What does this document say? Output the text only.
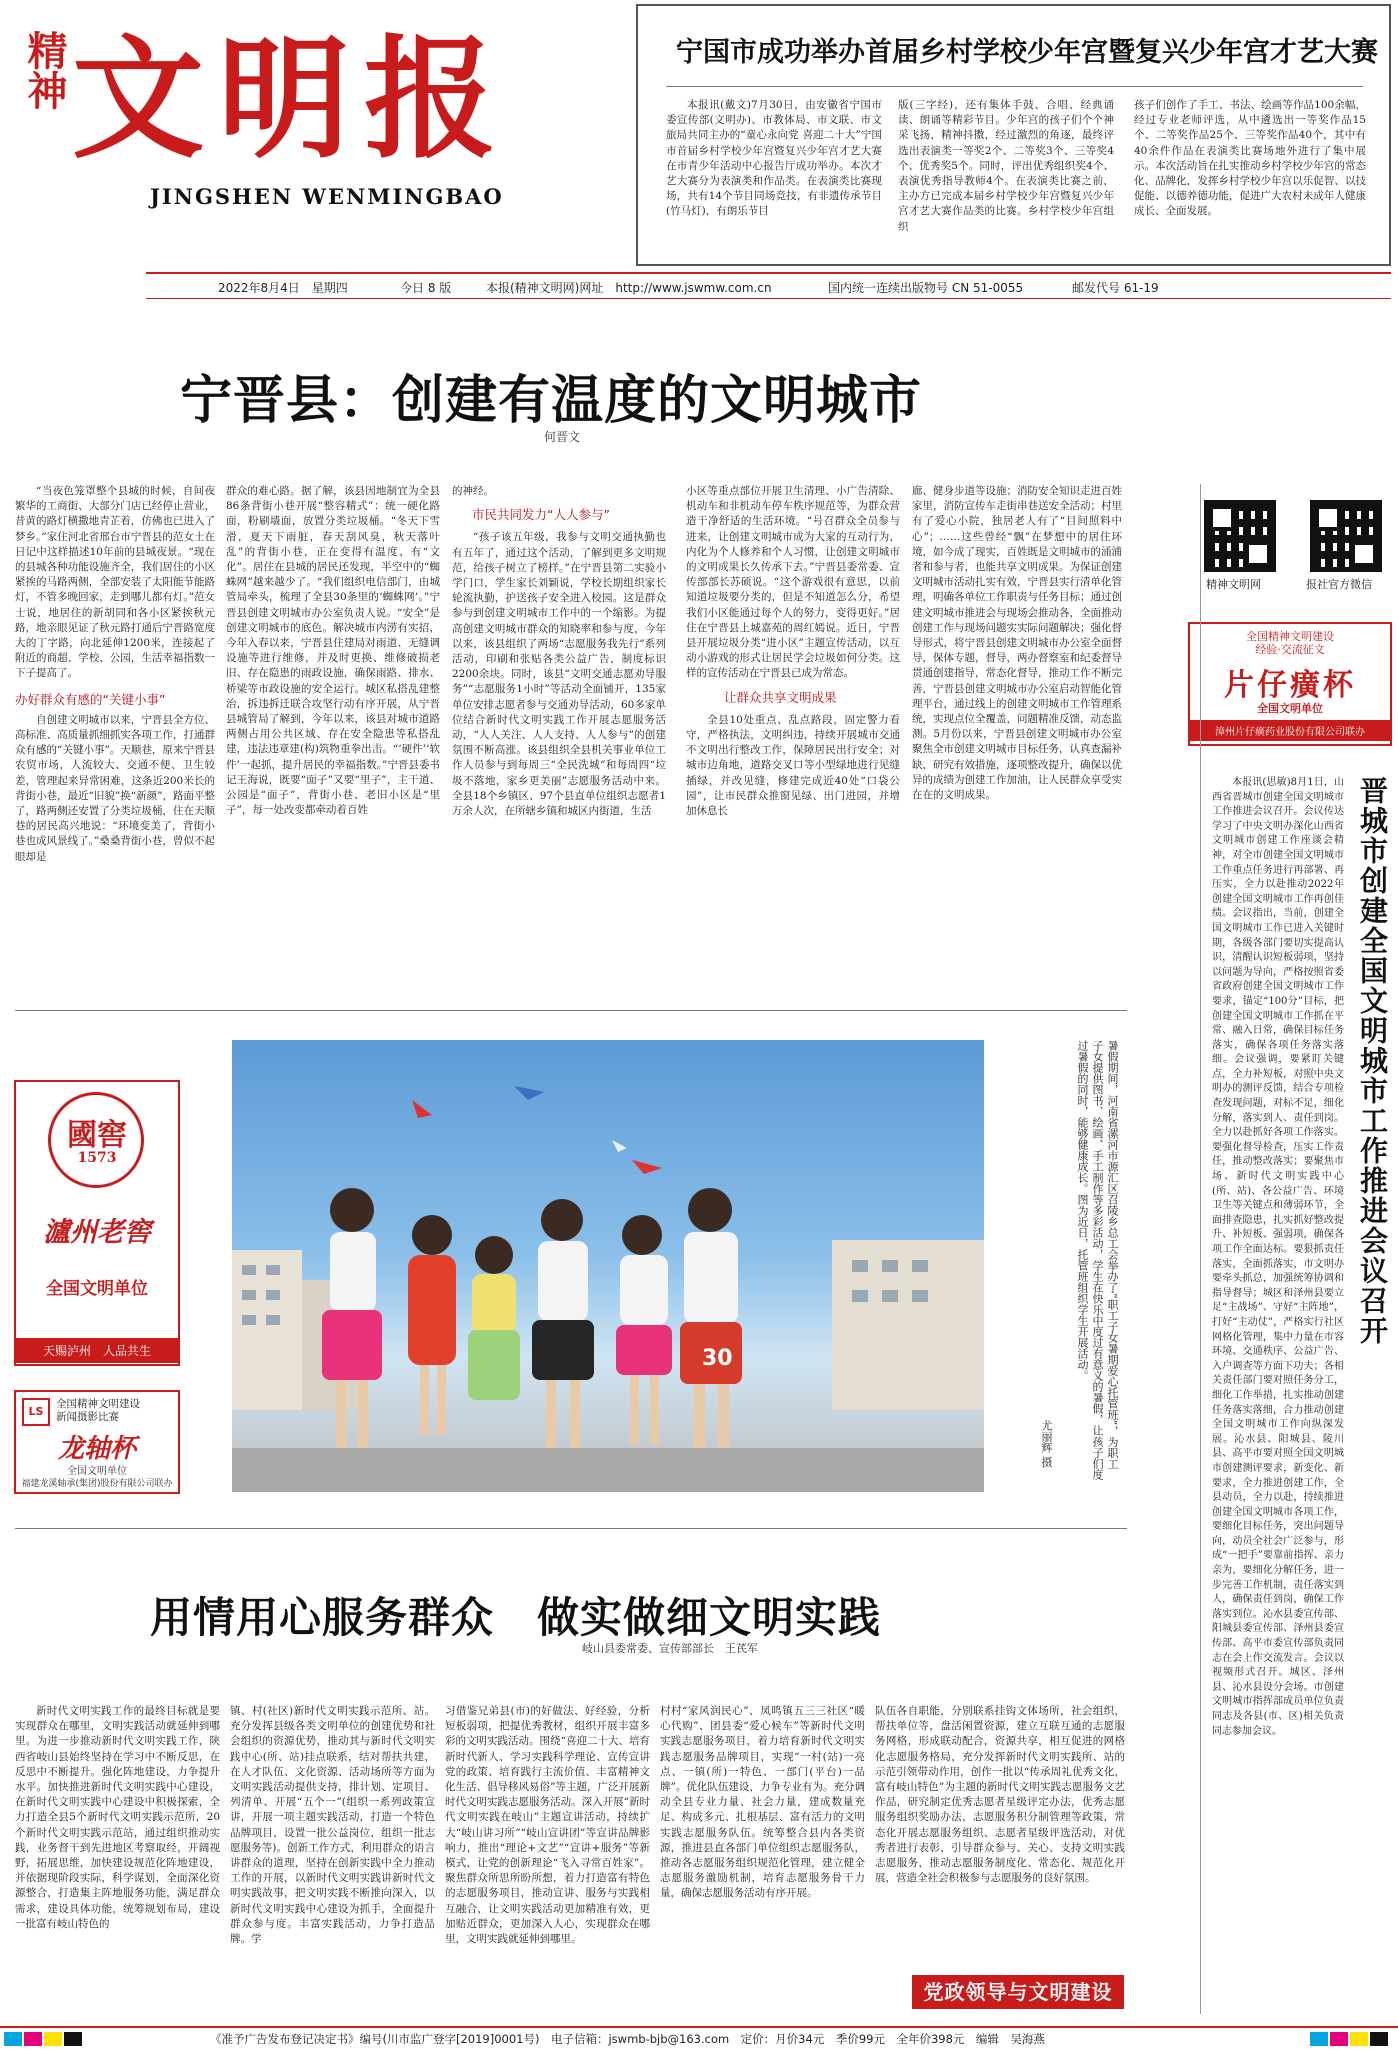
精神 文明报
JINGSHEN WENMINGBAO
宁国市成功举办首届乡村学校少年宫暨复兴少年宫才艺大赛

本报讯(戴文)7月30日，由安徽省宁国市委宣传部(文明办)、市教体局、市文联、市文旅局共同主办的“童心永向党 喜迎二十大”宁国市首届乡村学校少年宫暨复兴少年宫才艺大赛在市青少年活动中心报告厅成功举办。本次才艺大赛分为表演类和作品类。在表演类比赛现场，共有14个节目同场竞技，有非遗传承节目(竹马灯)，有朗乐节目

版(三字经)，还有集体手鼓、合唱、经典诵读、朗诵等精彩节目。少年宫的孩子们个个神采飞扬，精神抖擞，经过激烈的角逐，最终评选出表演类一等奖2个、二等奖3个、三等奖4个、优秀奖5个。同时，评出优秀组织奖4个、表演优秀指导教师4个。在表演类比赛之前，主办方已完成本届乡村学校少年宫暨复兴少年宫才艺大赛作品类的比赛。乡村学校少年宫组织

孩子们创作了手工、书法、绘画等作品100余幅，经过专业老师评选，从中遴选出一等奖作品15个、二等奖作品25个、三等奖作品40个，其中有40余件作品在表演类比赛场地外进行了集中展示。本次活动旨在扎实推动乡村学校少年宫的常态化、品牌化，发挥乡村学校少年宫以乐促智、以技促能、以德养德功能，促进广大农村未成年人健康成长、全面发展。

2022年8月4日　星期四	今日 8 版	本报(精神文明网)网址　http://www.jswmw.com.cn	国内统一连续出版物号 CN 51-0055	邮发代号 61-19
宁晋县：创建有温度的文明城市
何晋文

“当夜色笼罩整个县城的时候，自间夜繁华的工商街、大部分门店已经停止营业，昔黄的路灯横撒地青芷着，仿佛也已进入了梦乡。”家住河北省邢台市宁晋县的范女士在日记中这样描述10年前的县城夜景。“现在的县城各种功能设施齐全，我们居住的小区紧挨的马路两侧，全部安装了太阳能节能路灯，不管多晚回家，走到哪儿都有灯。”范女士说，地居住的新胡同和各小区紧挨秋元路，地亲眼见证了秋元路打通后宁晋路宽度大的丁字路，向北延伸1200米，连接起了附近的商超、学校、公园，生活幸福指数一下子提高了。

办好群众有感的“关键小事”

自创建文明城市以来，宁晋县全方位、高标准、高质量抓细抓实各项工作，打通群众有感的“关键小事”。天顺巷，原来宁晋县农贸市场，人流较大、交通不便、卫生较差，管理起来异常困难，这条近200米长的背街小巷，最近“旧貌”换“新颜”，路面平整了，路两侧还安置了分类垃圾桶，住在天顺巷的居民高兴地说：“环境变美了，背街小巷也成风景线了。”桑桑背街小巷，曾似不起眼却是

群众的难心路。据了解，该县因地制宜为全县86条背街小巷开展“整容精式”：统一硬化路面，粉刷墙面，放置分类垃圾桶。“冬天下雪滑，夏天下雨脏，春天刮风臭，秋天落叶乱”的背街小巷，正在变得有温度、有“文化”。居住在县城的居民还发现，半空中的“蜘蛛网”越来越少了。“我们组织电信部门，由城管局牵头，梳理了全县30条里的‘蜘蛛网’。”宁晋县创建文明城市办公室负责人说。“安全”是创建文明城市的底色。解决城市内涝有实招，今年入春以来，宁晋县住建局对雨道、无缝调设施等进行维修，并及时更换、维修破损老旧、存在隐患的雨政设施，确保雨路、排水、桥梁等市政设施的安全运行。城区私搭乱建整治，拆违拆迁联合攻坚行动有序开展，从宁晋县城管局了解到，今年以来，该县对城市道路两侧占用公共区域、存在安全隐患等私搭乱建，违法违章建(构)筑物重拳出击。“‘硬件’‘软件’一起抓，提升居民的幸福指数。”宁晋县委书记王海说，既要“面子”又要“里子”，主干道、公园是“面子”，背街小巷、老旧小区是“里子”，每一处改变都牵动着百姓

的神经。

市民共同发力“人人参与”

“孩子该五年级，我参与文明交通执勤也有五年了，通过这个活动，了解到更多文明规范，给孩子树立了榜样。”在宁晋县第二实验小学门口，学生家长刘颖说，学校长期组织家长轮流执勤，护送孩子安全进入校园。这是群众参与到创建文明城市工作中的一个缩影。为提高创建文明城市群众的知晓率和参与度，今年以来，该县组织了两场“志愿服务我先行”系列活动，印刷和张贴各类公益广告，制度标识2200余块。同时，该县“文明交通志愿劝导服务”“志愿服务1小时”等活动全面铺开，135家单位安排志愿者参与交通劝导活动，60多家单位结合新时代文明实践工作开展志愿服务活动，“人人关注、人人支持、人人参与”的创建氛围不断高涨。该县组织全县机关事业单位工作人员参与到每周三“全民洗城”和每周四“垃圾不落地，家乡更美丽”志愿服务活动中来。全县18个乡镇区、97个县直单位组织志愿者1万余人次，在所辖乡镇和城区内街道，生活

小区等重点部位开展卫生清理、小广告清除、机动车和非机动车停车秩序规范等，为群众营造干净舒适的生活环境。“号召群众全员参与进来，让创建文明城市成为大家的互动行为，内化为个人修养和个人习惯，让创建文明城市的文明成果长久传承下去。”宁晋县委常委、宣传部部长苏硕说。“这个游戏很有意思，以前知道垃圾要分类的，但是不知道怎么分，希望我们小区能通过每个人的努力，变得更好。”居住在宁晋县上城嘉苑的周红嫣说。近日，宁晋县开展垃圾分类“进小区”主题宣传活动，以互动小游戏的形式让居民学会垃圾如何分类。这样的宣传活动在宁晋县已成为常态。

让群众共享文明成果

全县10处重点、乱点路段，固定警力看守，严格执法，文明纠违，持续开展城市交通不文明出行整改工作，保障居民出行安全；对城市边角地，道路交叉口等小型绿地进行见缝插绿，并改见缝，修建完成近40处“口袋公园”，让市民群众推窗见绿、出门进园，并增加休息长

廊、健身步道等设施；消防安全知识走进百姓家里，消防宣传车走街串巷送安全活动；村里有了爱心小院，独居老人有了“目间照料中心”；……这些曾经“飘”在梦想中的居住环境，如今成了现实，百姓既是文明城市的涌浦者和参与者，也能共享文明成果。为保证创建文明城市活动扎实有效，宁晋县实行清单化管理，明确各单位工作职责与任务目标；通过创建文明城市推进会与现场会推动各，全面推动创建工作与现场问题实实际问题解决；强化督导形式，将宁晋县创建文明城市办公室全面督导，保体专题，督导，两办督察室和纪委督导贯通创建指导，常态化督导，推动工作不断完善，宁晋县创建文明城市办公室启动智能化管理平台，通过线上的创建文明城市工作管理系统，实现点位全覆盖，问题精准反馈，动态监测。5月份以来，宁晋县创建文明城市办公室聚焦全市创建文明城市目标任务，认真查漏补缺，研究有效措施，逐项整改提升，确保以优异的成绩为创建工作加油，让人民群众享受实在在的文明成果。

精神文明网	报社官方微信
全国精神文明建设
经验·交流征文
片仔癀杯
全国文明单位
漳州片仔癀药业股份有限公司联办
晋城市创建全国文明城市工作推进会议召开

本报讯(思敏)8月1日，山西省晋城市创建全国文明城市工作推进会议召开。会议传达学习了中央文明办深化山西省文明城市创建工作座谈会精神，对全市创建全国文明城市工作重点任务进行再部署、再压实，全力以赴推动2022年创建全国文明城市工作再创佳绩。会议指出，当前，创建全国文明城市工作已进入关键时期，各级各部门要切实提高认识，清醒认识短板弱项，坚持以问题为导向，严格按照省委省政府创建全国文明城市工作要求，锚定“100分”目标，把创建全国文明城市工作抓在平常、融入日常，确保目标任务落实，确保各项任务落实落细。会议强调，要紧盯关键点，全力补短板，对照中央文明办的测评反馈，结合专项检查发现问题，对标不足，细化分解，落实到人、责任到岗。全力以赴抓好各项工作落实。要强化督导检查，压实工作责任，推动整改落实；要聚焦市场、新时代文明实践中心(所、站)、各公益广告、环境卫生等关键点和薄弱环节，全面排查隐患，扎实抓好整改提升、补短板、强弱项，确保各项工作全面达标。要狠抓责任落实，全面抓落实，市文明办要牵头抓总，加强统筹协调和指导督导；城区和泽州县要立足“主战场”、守好“主阵地”，打好“主动仗”，严格实行社区网格化管理，集中力量在市容环境、交通秩序、公益广告、入户调查等方面下功夫；各相关责任部门要对照任务分工，细化工作举措，扎实推动创建任务落实落细，合力推动创建全国文明城市工作向纵深发展。沁水县、阳城县、陵川县、高平市要对照全国文明城市创建测评要求，新变化、新要求，全力推进创建工作，全县动员，全力以赴，持续推进创建全国文明城市各项工作，要细化目标任务，突出问题导向，动员全社会广泛参与，形成“一把手”要靠前指挥、亲力亲为，要细化分解任务，进一步完善工作机制，责任落实到人，确保责任到岗，确保工作落实到位。沁水县委宣传部、阳城县委宣传部、泽州县委宣传部、高平市委宣传部负责同志在会上作交流发言。会议以视频形式召开。城区、泽州县、沁水县设分会场。市创建文明城市指挥部成员单位负责同志及各县(市、区)相关负责同志参加会议。

國窖
1573
瀘州老窖
全国文明单位
天赐泸州　人品共生
LS
全国精神文明建设
新闻摄影比赛
龙轴杯
全国文明单位
福建龙溪轴承(集团)股份有限公司联办
30	暑假期间，河南省漯河市源汇区召陵乡总工会举办了“职工子女暑期爱心托管班”，为职工子女提供图书、绘画、手工制作等多彩活动，学生在快乐中度过有意义的暑假，让孩子们度过暑假的同时，能够健康成长。图为近日，托管班组织学生开展活动。
尤丽辉 摄
用情用心服务群众　做实做细文明实践
岐山县委常委、宣传部部长　王芪军

新时代文明实践工作的最终目标就是要实现群众在哪里，文明实践活动就延伸到哪里。为进一步推动新时代文明实践工作，陕西省岐山县始终坚持在学习中不断反思，在反思中不断提升。强化阵地建设，力争提升水平。加快推进新时代文明实践中心建设，在新时代文明实践中心建设中积极探索，全力打造全县5个新时代文明实践示范所，20个新时代文明实践示范站，通过组织推动实践，业务督干到先进地区考察取经，开阔视野，拓展思维，加快建设规范化阵地建设，并依据现阶段实际，科学谋划，全面深化资源整合，打造集主阵地服务功能，满足群众需求，建设具体功能，统筹规划布局，建设一批富有岐山特色的

镇、村(社区)新时代文明实践示范所、站。充分发挥县级各类文明单位的创建优势和社会组织的资源优势，推动其与新时代文明实践中心(所、站)挂点联系，结对帮扶共建，在人才队伍、文化资源、活动场所等方面为文明实践活动提供支持，排计划、定项目、列清单、开展“五个一”(组织一系列政策宣讲，开展一项主题实践活动，打造一个特色品牌项目，设置一批公益岗位，组织一批志愿服务等)。创新工作方式，利用群众的语言讲群众的道理，坚持在创新实践中全力推动工作的开展，以新时代文明实践讲新时代文明实践故事，把文明实践不断推向深入，以新时代文明实践中心建设为抓手，全面提升群众参与度。丰富实践活动，力争打造品牌。学

习借鉴兄弟县(市)的好做法、好经验，分析短板弱项，把提优秀教材，组织开展丰富多彩的文明实践活动。围绕“喜迎二十大、培育新时代新人、学习实践科学理论、宣传宣讲党的政策、培育践行主流价值、丰富精神文化生活、倡导移风易俗”等主题，广泛开展新时代文明实践志愿服务活动。深入开展“新时代文明实践在岐山”主题宣讲活动，持续扩大“岐山讲习所”“岐山宣讲团”等宣讲品牌影响力，推出“理论+文艺”“宣讲+服务”等新模式，让党的创新理论“飞入寻常百姓家”。聚焦群众所思所盼所想，着力打造富有特色的志愿服务项目，推动宣讲、服务与实践相互融合，让文明实践活动更加精准有效，更加贴近群众，更加深入人心，实现群众在哪里，文明实践就延伸到哪里。

村村“家风润民心”、凤鸣镇五三三社区“暖心代购”、团县委“爱心候车”等新时代文明实践志愿服务项目，着力培育新时代文明实践志愿服务品牌项目，实现“一村(站)一亮点、一镇(所)一特色、一部门(平台)一品牌”。优化队伍建设，力争专业有为。充分调动全县专业力量、社会力量，建成数量充足、构成多元、扎根基层、富有活力的文明实践志愿服务队伍。统筹整合县内各类资源，推进县直各部门单位组织志愿服务队，推动各志愿服务组织规范化管理，建立健全志愿服务激励机制，培育志愿服务骨干力量，确保志愿服务活动有序开展。

队伍各自职能，分别联系挂钩文体场所，社会组织，帮扶单位等，盘活闲置资源，建立互联互通的志愿服务网格，形成联动配合，资源共享，相互促进的网格化志愿服务格局，充分发挥新时代文明实践所、站的示范引领带动作用，创作一批以“传承周礼优秀文化，富有岐山特色”为主题的新时代文明实践志愿服务文艺作品，研究制定优秀志愿者星级评定办法，优秀志愿服务组织奖励办法，志愿服务积分制管理等政策，常态化开展志愿服务组织、志愿者星级评选活动，对优秀者进行表彰，引导群众参与、关心、支持文明实践志愿服务，推动志愿服务制度化、常态化、规范化开展，营造全社会积极参与志愿服务的良好氛围。

党政领导与文明建设
《准予广告发布登记决定书》编号(川市监广登字[2019]0001号)　电子信箱：jswmb-bjb@163.com　定价：月价34元　季价99元　全年价398元　编辑　吴海燕
